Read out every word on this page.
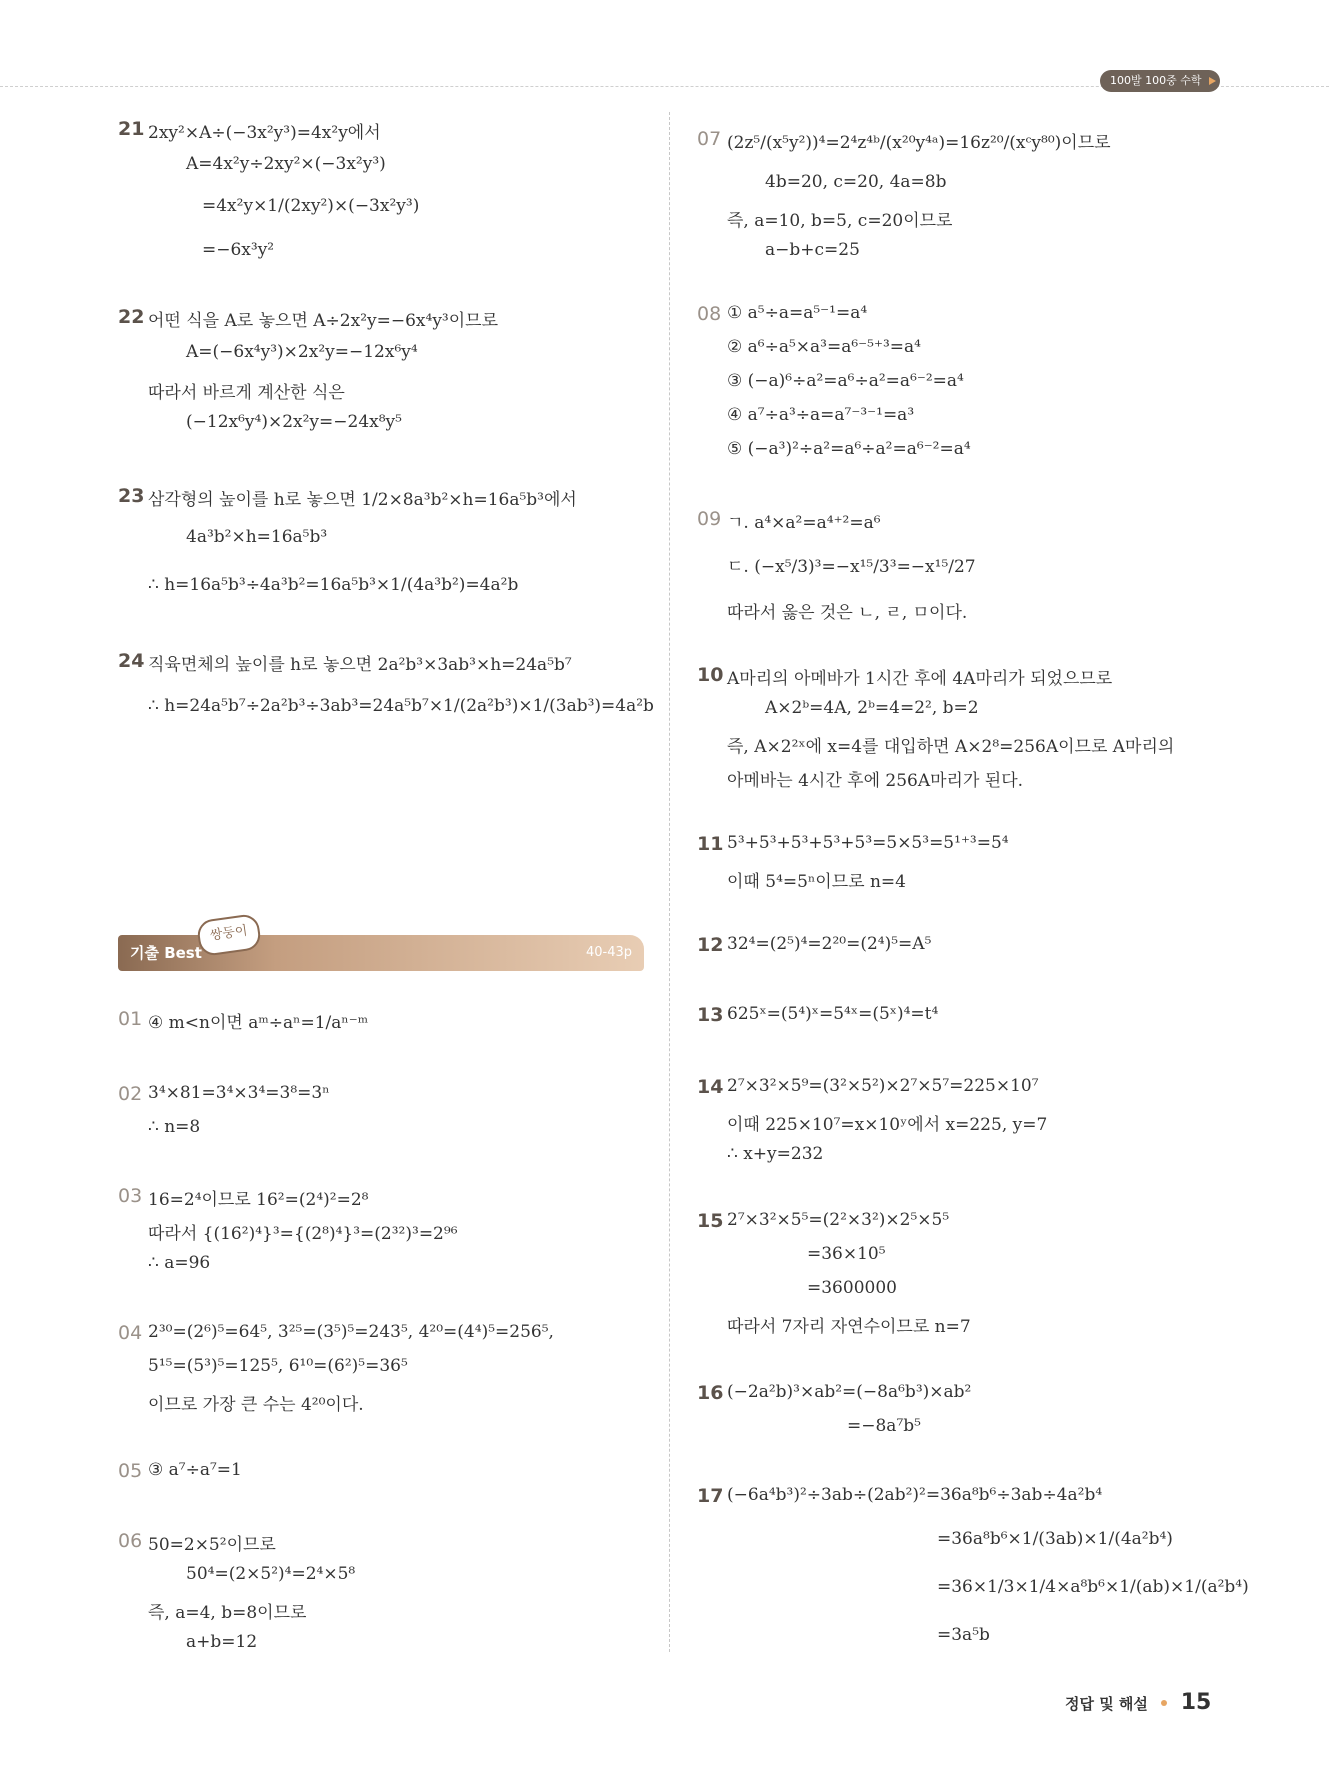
100발 100중 수학
21 2xy²×A÷(−3x²y³)=4x²y에서
A=4x²y÷2xy²×(−3x²y³)
=4x²y×1/(2xy²)×(−3x²y³)
=−6x³y²
22 어떤 식을 A로 놓으면 A÷2x²y=−6x⁴y³이므로
A=(−6x⁴y³)×2x²y=−12x⁶y⁴
따라서 바르게 계산한 식은
(−12x⁶y⁴)×2x²y=−24x⁸y⁵
23 삼각형의 높이를 h로 놓으면 1/2×8a³b²×h=16a⁵b³에서
4a³b²×h=16a⁵b³
∴ h=16a⁵b³÷4a³b²=16a⁵b³×1/(4a³b²)=4a²b
24 직육면체의 높이를 h로 놓으면 2a²b³×3ab³×h=24a⁵b⁷
∴ h=24a⁵b⁷÷2a²b³÷3ab³=24a⁵b⁷×1/(2a²b³)×1/(3ab³)=4a²b
기출 Best
쌍둥이
40-43p
01 ④ m<n이면 aᵐ÷aⁿ=1/aⁿ⁻ᵐ
02 3⁴×81=3⁴×3⁴=3⁸=3ⁿ
∴ n=8
03 16=2⁴이므로 16²=(2⁴)²=2⁸
따라서 {(16²)⁴}³={(2⁸)⁴}³=(2³²)³=2⁹⁶
∴ a=96
04 2³⁰=(2⁶)⁵=64⁵, 3²⁵=(3⁵)⁵=243⁵, 4²⁰=(4⁴)⁵=256⁵,
5¹⁵=(5³)⁵=125⁵, 6¹⁰=(6²)⁵=36⁵
이므로 가장 큰 수는 4²⁰이다.
05 ③ a⁷÷a⁷=1
06 50=2×5²이므로
50⁴=(2×5²)⁴=2⁴×5⁸
즉, a=4, b=8이므로
a+b=12
07 (2z⁵/(x⁵y²))⁴=2⁴z⁴ᵇ/(x²⁰y⁴ᵃ)=16z²⁰/(xᶜy⁸⁰)이므로
4b=20, c=20, 4a=8b
즉, a=10, b=5, c=20이므로
a−b+c=25
08 ① a⁵÷a=a⁵⁻¹=a⁴
② a⁶÷a⁵×a³=a⁶⁻⁵⁺³=a⁴
③ (−a)⁶÷a²=a⁶÷a²=a⁶⁻²=a⁴
④ a⁷÷a³÷a=a⁷⁻³⁻¹=a³
⑤ (−a³)²÷a²=a⁶÷a²=a⁶⁻²=a⁴
09 ㄱ. a⁴×a²=a⁴⁺²=a⁶
ㄷ. (−x⁵/3)³=−x¹⁵/3³=−x¹⁵/27
따라서 옳은 것은 ㄴ, ㄹ, ㅁ이다.
10 A마리의 아메바가 1시간 후에 4A마리가 되었으므로
A×2ᵇ=4A, 2ᵇ=4=2², b=2
즉, A×2²ˣ에 x=4를 대입하면 A×2⁸=256A이므로 A마리의
아메바는 4시간 후에 256A마리가 된다.
11 5³+5³+5³+5³+5³=5×5³=5¹⁺³=5⁴
이때 5⁴=5ⁿ이므로 n=4
12 32⁴=(2⁵)⁴=2²⁰=(2⁴)⁵=A⁵
13 625ˣ=(5⁴)ˣ=5⁴ˣ=(5ˣ)⁴=t⁴
14 2⁷×3²×5⁹=(3²×5²)×2⁷×5⁷=225×10⁷
이때 225×10⁷=x×10ʸ에서 x=225, y=7
∴ x+y=232
15 2⁷×3²×5⁵=(2²×3²)×2⁵×5⁵
=36×10⁵
=3600000
따라서 7자리 자연수이므로 n=7
16 (−2a²b)³×ab²=(−8a⁶b³)×ab²
=−8a⁷b⁵
17 (−6a⁴b³)²÷3ab÷(2ab²)²=36a⁸b⁶÷3ab÷4a²b⁴
=36a⁸b⁶×1/(3ab)×1/(4a²b⁴)
=36×1/3×1/4×a⁸b⁶×1/(ab)×1/(a²b⁴)
=3a⁵b
정답 및 해설 15
